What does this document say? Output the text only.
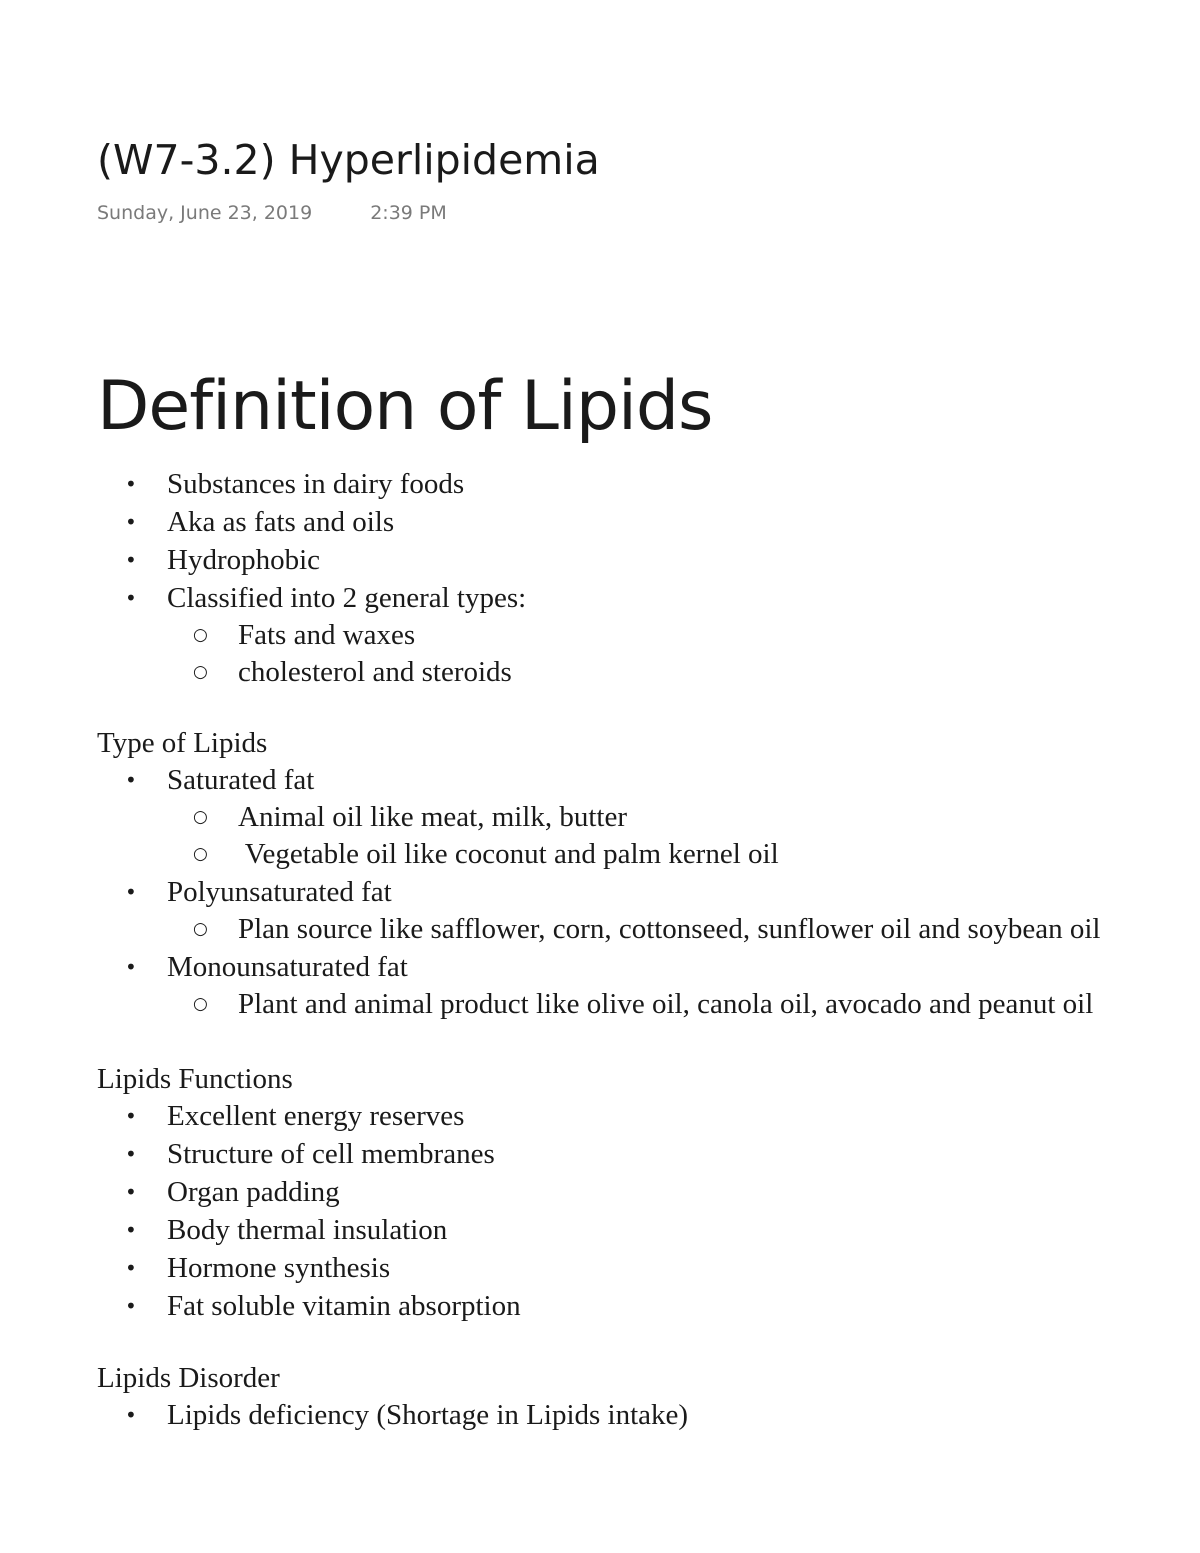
(W7-3.2) Hyperlipidemia
Sunday, June 23, 2019	2:39 PM
Definition of Lipids
• Substances in dairy foods
• Aka as fats and oils
• Hydrophobic
• Classified into 2 general types:
○ Fats and waxes
○ cholesterol and steroids
Type of Lipids
• Saturated fat
○ Animal oil like meat, milk, butter
○  Vegetable oil like coconut and palm kernel oil
• Polyunsaturated fat
○ Plan source like safflower, corn, cottonseed, sunflower oil and soybean oil
• Monounsaturated fat
○ Plant and animal product like olive oil, canola oil, avocado and peanut oil
Lipids Functions
• Excellent energy reserves
• Structure of cell membranes
• Organ padding
• Body thermal insulation
• Hormone synthesis
• Fat soluble vitamin absorption
Lipids Disorder
• Lipids deficiency (Shortage in Lipids intake)
